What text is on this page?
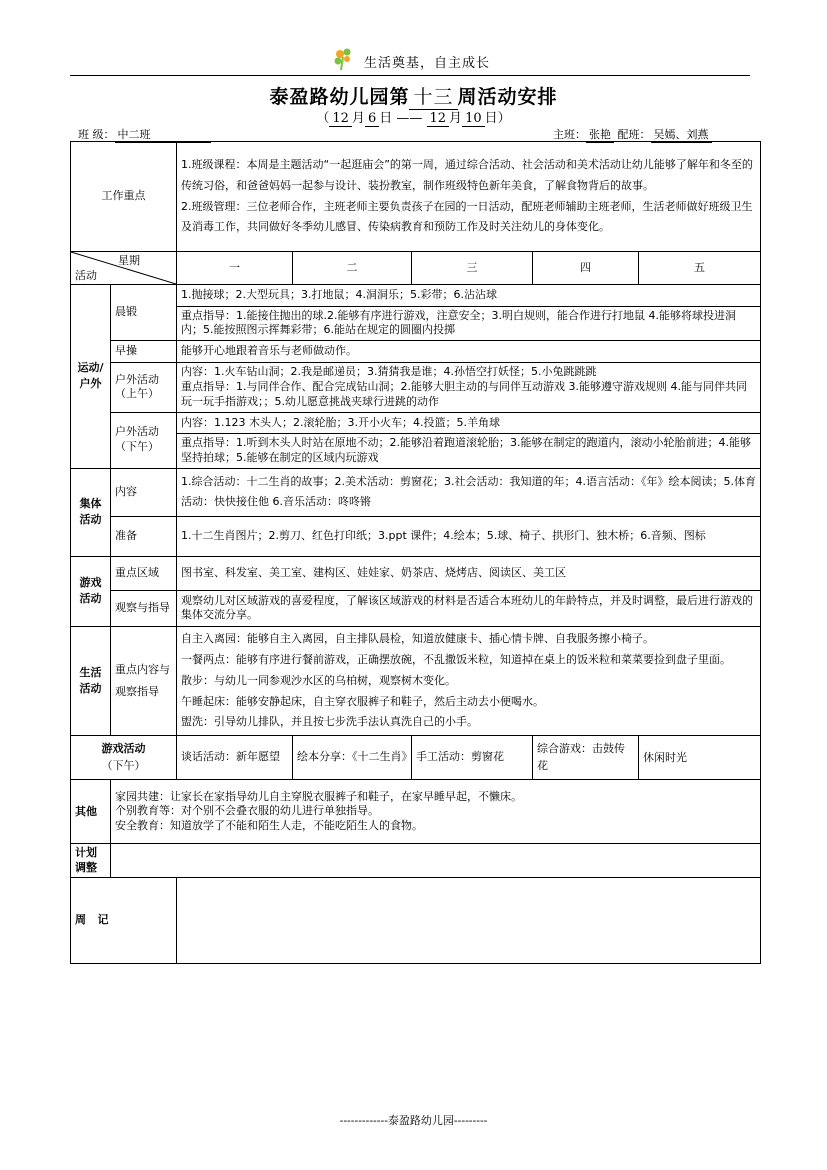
生活奠基，自主成长
泰盈路幼儿园第 十三 周活动安排
（ 12 月 6 日 —— 12 月 10 日）
班 级： 中二班	主班： 张艳 配班： 吴嫣、刘燕
工作重点		1.班级课程：本周是主题活动“一起逛庙会”的第一周，通过综合活动、社会活动和美术活动让幼儿能够了解年和冬至的传统习俗，和爸爸妈妈一起参与设计、装扮教室，制作班级特色新年美食，了解食物背后的故事。
2.班级管理：三位老师合作，主班老师主要负责孩子在园的一日活动，配班老师辅助主班老师，生活老师做好班级卫生及消毒工作，共同做好冬季幼儿感冒、传染病教育和预防工作及时关注幼儿的身体变化。				

星期
活动		一	二	三	四	五
运动/户外	晨锻	1.抛接球；2.大型玩具；3.打地鼠；4.洞洞乐；5.彩带；6.沾沾球				
		重点指导：1.能接住抛出的球.2.能够有序进行游戏，注意安全；3.明白规则，能合作进行打地鼠 4.能够将球投进洞内；5.能按照图示挥舞彩带；6.能站在规定的圆圈内投掷				
	早操	能够开心地跟着音乐与老师做动作。				
	户外活动（上午）	内容：1.火车钻山洞；2.我是邮递员；3.猜猜我是谁；4.孙悟空打妖怪；5.小兔跳跳跳
重点指导：1.与同伴合作、配合完成钻山洞；2.能够大胆主动的与同伴互动游戏 3.能够遵守游戏规则 4.能与同伴共同玩一玩手指游戏；；5.幼儿愿意挑战夹球行进跳的动作				

	户外活动（下午）	内容：1.123 木头人；2.滚轮胎；3.开小火车；4.投篮；5.羊角球				
		重点指导：1.听到木头人时站在原地不动；2.能够沿着跑道滚轮胎；3.能够在制定的跑道内，滚动小轮胎前进；4.能够坚持拍球；5.能够在制定的区域内玩游戏				
集体活动	内容	1.综合活动：十二生肖的故事；2.美术活动：剪窗花；3.社会活动：我知道的年；4.语言活动：《年》绘本阅读；5.体育活动：快快接住他 6.音乐活动：咚咚锵				
	准备	1.十二生肖图片；2.剪刀、红色打印纸；3.ppt 课件；4.绘本；5.球、椅子、拱形门、独木桥；6.音频、图标				
游戏活动	重点区域	图书室、科发室、美工室、建构区、娃娃家、奶茶店、烧烤店、阅读区、美工区				
	观察与指导	观察幼儿对区域游戏的喜爱程度，了解该区域游戏的材料是否适合本班幼儿的年龄特点，并及时调整，最后进行游戏的集体交流分享。				
生活活动	重点内容与观察指导	自主入离园：能够自主入离园，自主排队晨检，知道放健康卡、插心情卡牌、自我服务擦小椅子。
一餐两点：能够有序进行餐前游戏，正确摆放碗，不乱撒饭米粒，知道掉在桌上的饭米粒和菜菜要捡到盘子里面。
散步：与幼儿一同参观沙水区的乌柏树，观察树木变化。
午睡起床：能够安静起床，自主穿衣服裤子和鞋子，然后主动去小便喝水。
盥洗：引导幼儿排队，并且按七步洗手法认真洗自己的小手。				

游戏活动
（下午）		谈话活动：新年愿望	绘本分享：《十二生肖》	手工活动：剪窗花	综合游戏：击鼓传花	休闲时光
其他	家园共建：让家长在家指导幼儿自主穿脱衣服裤子和鞋子，在家早睡早起，不懒床。
个别教育等：对个别不会叠衣服的幼儿进行单独指导。
安全教育：知道放学了不能和陌生人走，不能吃陌生人的食物。					

计划调整						
周   记						
-------------泰盈路幼儿园---------
